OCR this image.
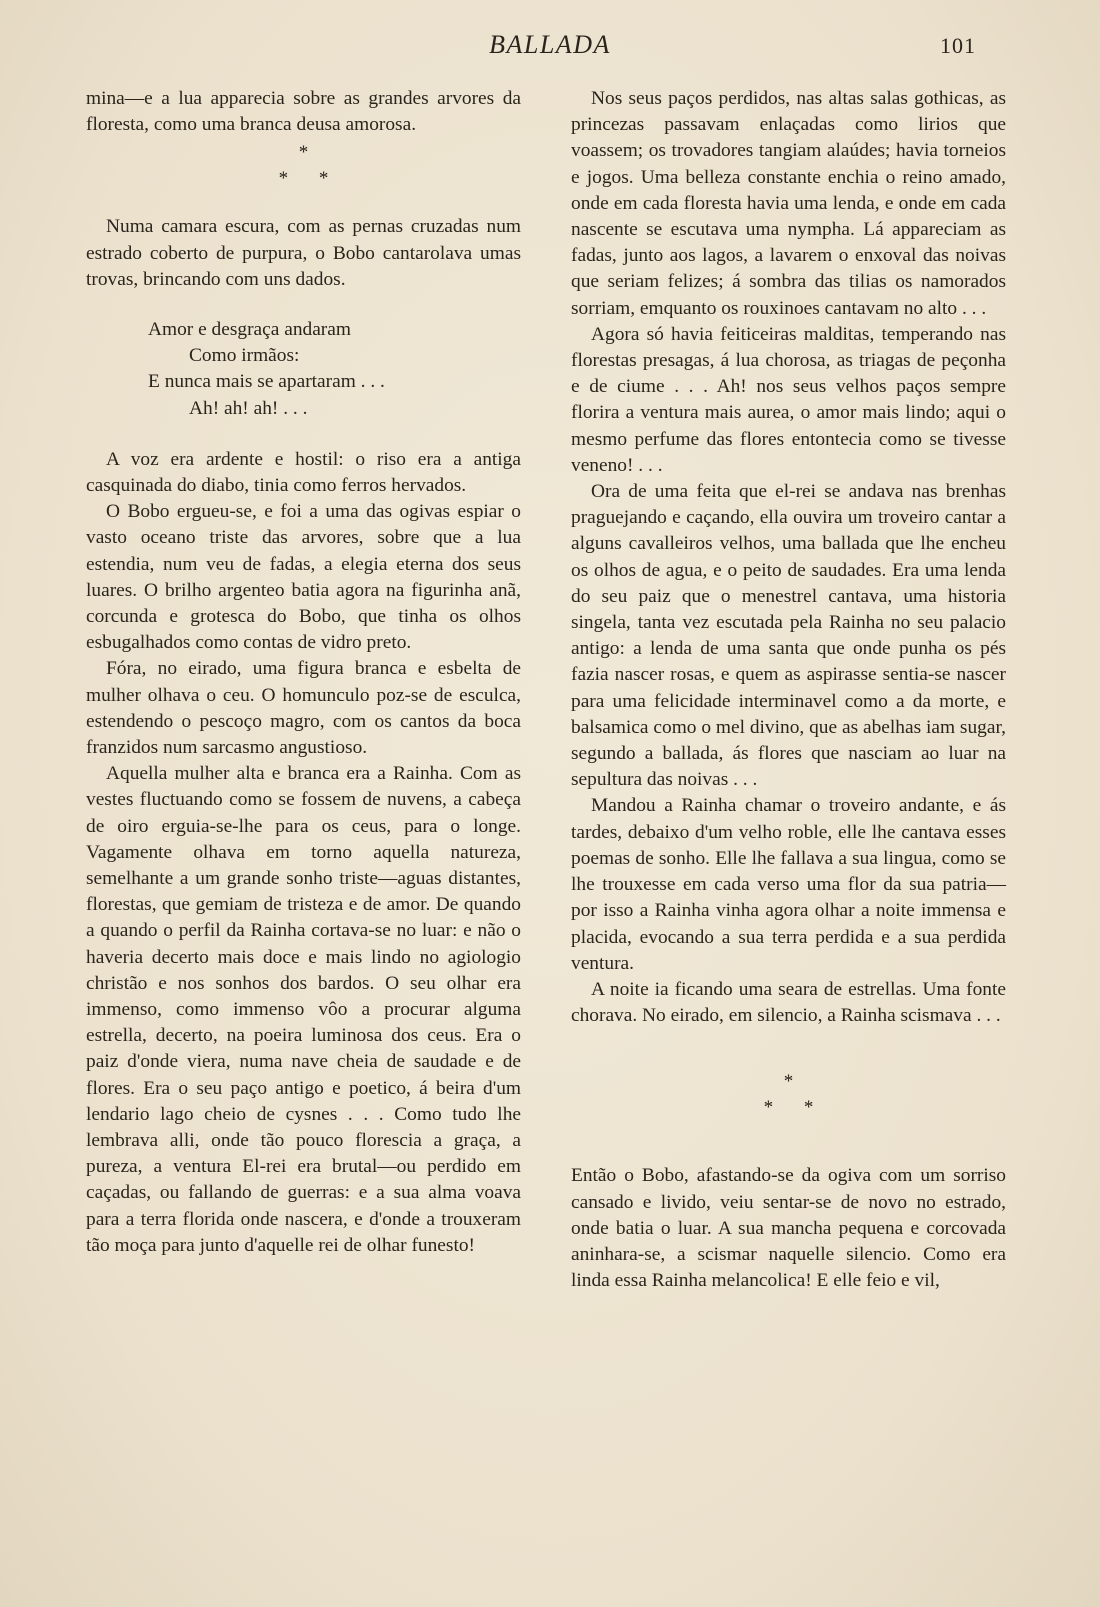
BALLADA	101

mina—e a lua apparecia sobre as grandes arvores da floresta, como uma branca deusa amorosa.

*
* *

Numa camara escura, com as pernas cruzadas num estrado coberto de purpura, o Bobo cantarolava umas trovas, brincando com uns dados.

Amor e desgraça andaram
Como irmãos:
E nunca mais se apartaram . . .
Ah! ah! ah! . . .

A voz era ardente e hostil: o riso era a antiga casquinada do diabo, tinia como ferros hervados.

O Bobo ergueu-se, e foi a uma das ogivas espiar o vasto oceano triste das arvores, sobre que a lua estendia, num veu de fadas, a elegia eterna dos seus luares. O brilho argenteo batia agora na figurinha anã, corcunda e grotesca do Bobo, que tinha os olhos esbugalhados como contas de vidro preto.

Fóra, no eirado, uma figura branca e esbelta de mulher olhava o ceu. O homunculo poz-se de esculca, estendendo o pescoço magro, com os cantos da boca franzidos num sarcasmo angustioso.

Aquella mulher alta e branca era a Rainha. Com as vestes fluctuando como se fossem de nuvens, a cabeça de oiro erguia-se-lhe para os ceus, para o longe. Vagamente olhava em torno aquella natureza, semelhante a um grande sonho triste—aguas distantes, florestas, que gemiam de tristeza e de amor. De quando a quando o perfil da Rainha cortava-se no luar: e não o haveria decerto mais doce e mais lindo no agiologio christão e nos sonhos dos bardos. O seu olhar era immenso, como immenso vôo a procurar alguma estrella, decerto, na poeira luminosa dos ceus. Era o paiz d'onde viera, numa nave cheia de saudade e de flores. Era o seu paço antigo e poetico, á beira d'um lendario lago cheio de cysnes . . . Como tudo lhe lembrava alli, onde tão pouco florescia a graça, a pureza, a ventura El-rei era brutal—ou perdido em caçadas, ou fallando de guerras: e a sua alma voava para a terra florida onde nascera, e d'onde a trouxeram tão moça para junto d'aquelle rei de olhar funesto!

Nos seus paços perdidos, nas altas salas gothicas, as princezas passavam enlaçadas como lirios que voassem; os trovadores tangiam alaúdes; havia torneios e jogos. Uma belleza constante enchia o reino amado, onde em cada floresta havia uma lenda, e onde em cada nascente se escutava uma nympha. Lá appareciam as fadas, junto aos lagos, a lavarem o enxoval das noivas que seriam felizes; á sombra das tilias os namorados sorriam, emquanto os rouxinoes cantavam no alto . . .

Agora só havia feiticeiras malditas, temperando nas florestas presagas, á lua chorosa, as triagas de peçonha e de ciume . . . Ah! nos seus velhos paços sempre florira a ventura mais aurea, o amor mais lindo; aqui o mesmo perfume das flores entontecia como se tivesse veneno! . . .

Ora de uma feita que el-rei se andava nas brenhas praguejando e caçando, ella ouvira um troveiro cantar a alguns cavalleiros velhos, uma ballada que lhe encheu os olhos de agua, e o peito de saudades. Era uma lenda do seu paiz que o menestrel cantava, uma historia singela, tanta vez escutada pela Rainha no seu palacio antigo: a lenda de uma santa que onde punha os pés fazia nascer rosas, e quem as aspirasse sentia-se nascer para uma felicidade interminavel como a da morte, e balsamica como o mel divino, que as abelhas iam sugar, segundo a ballada, ás flores que nasciam ao luar na sepultura das noivas . . .

Mandou a Rainha chamar o troveiro andante, e ás tardes, debaixo d'um velho roble, elle lhe cantava esses poemas de sonho. Elle lhe fallava a sua lingua, como se lhe trouxesse em cada verso uma flor da sua patria—por isso a Rainha vinha agora olhar a noite immensa e placida, evocando a sua terra perdida e a sua perdida ventura.

A noite ia ficando uma seara de estrellas. Uma fonte chorava. No eirado, em silencio, a Rainha scismava . . .

*
* *

Então o Bobo, afastando-se da ogiva com um sorriso cansado e livido, veiu sentar-se de novo no estrado, onde batia o luar. A sua mancha pequena e corcovada aninhara-se, a scismar naquelle silencio. Como era linda essa Rainha melancolica! E elle feio e vil,
